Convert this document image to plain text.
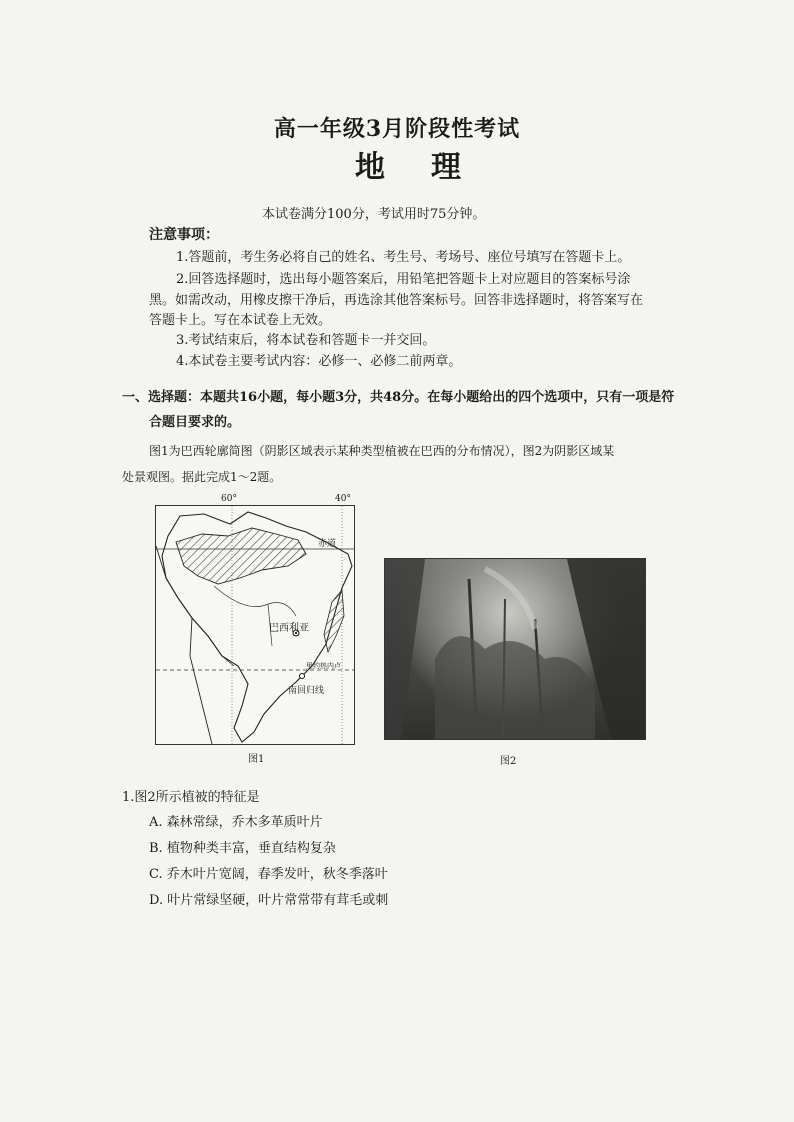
高一年级3月阶段性考试
地理
本试卷满分100分，考试用时75分钟。
注意事项：
1.答题前，考生务必将自己的姓名、考生号、考场号、座位号填写在答题卡上。
2.回答选择题时，选出每小题答案后，用铅笔把答题卡上对应题目的答案标号涂
黑。如需改动，用橡皮擦干净后，再选涂其他答案标号。回答非选择题时，将答案写在
答题卡上。写在本试卷上无效。
3.考试结束后，将本试卷和答题卡一并交回。
4.本试卷主要考试内容：必修一、必修二前两章。
一、选择题：本题共16小题，每小题3分，共48分。在每小题给出的四个选项中，只有一项是符
合题目要求的。
图1为巴西轮廓简图（阴影区域表示某种类型植被在巴西的分布情况），图2为阴影区域某
处景观图。据此完成1～2题。
60°	40°
赤道
巴西利亚
里约热内卢
南回归线
图1	图2
1.图2所示植被的特征是
A. 森林常绿，乔木多革质叶片
B. 植物种类丰富，垂直结构复杂
C. 乔木叶片宽阔，春季发叶，秋冬季落叶
D. 叶片常绿坚硬，叶片常常带有茸毛或刺
